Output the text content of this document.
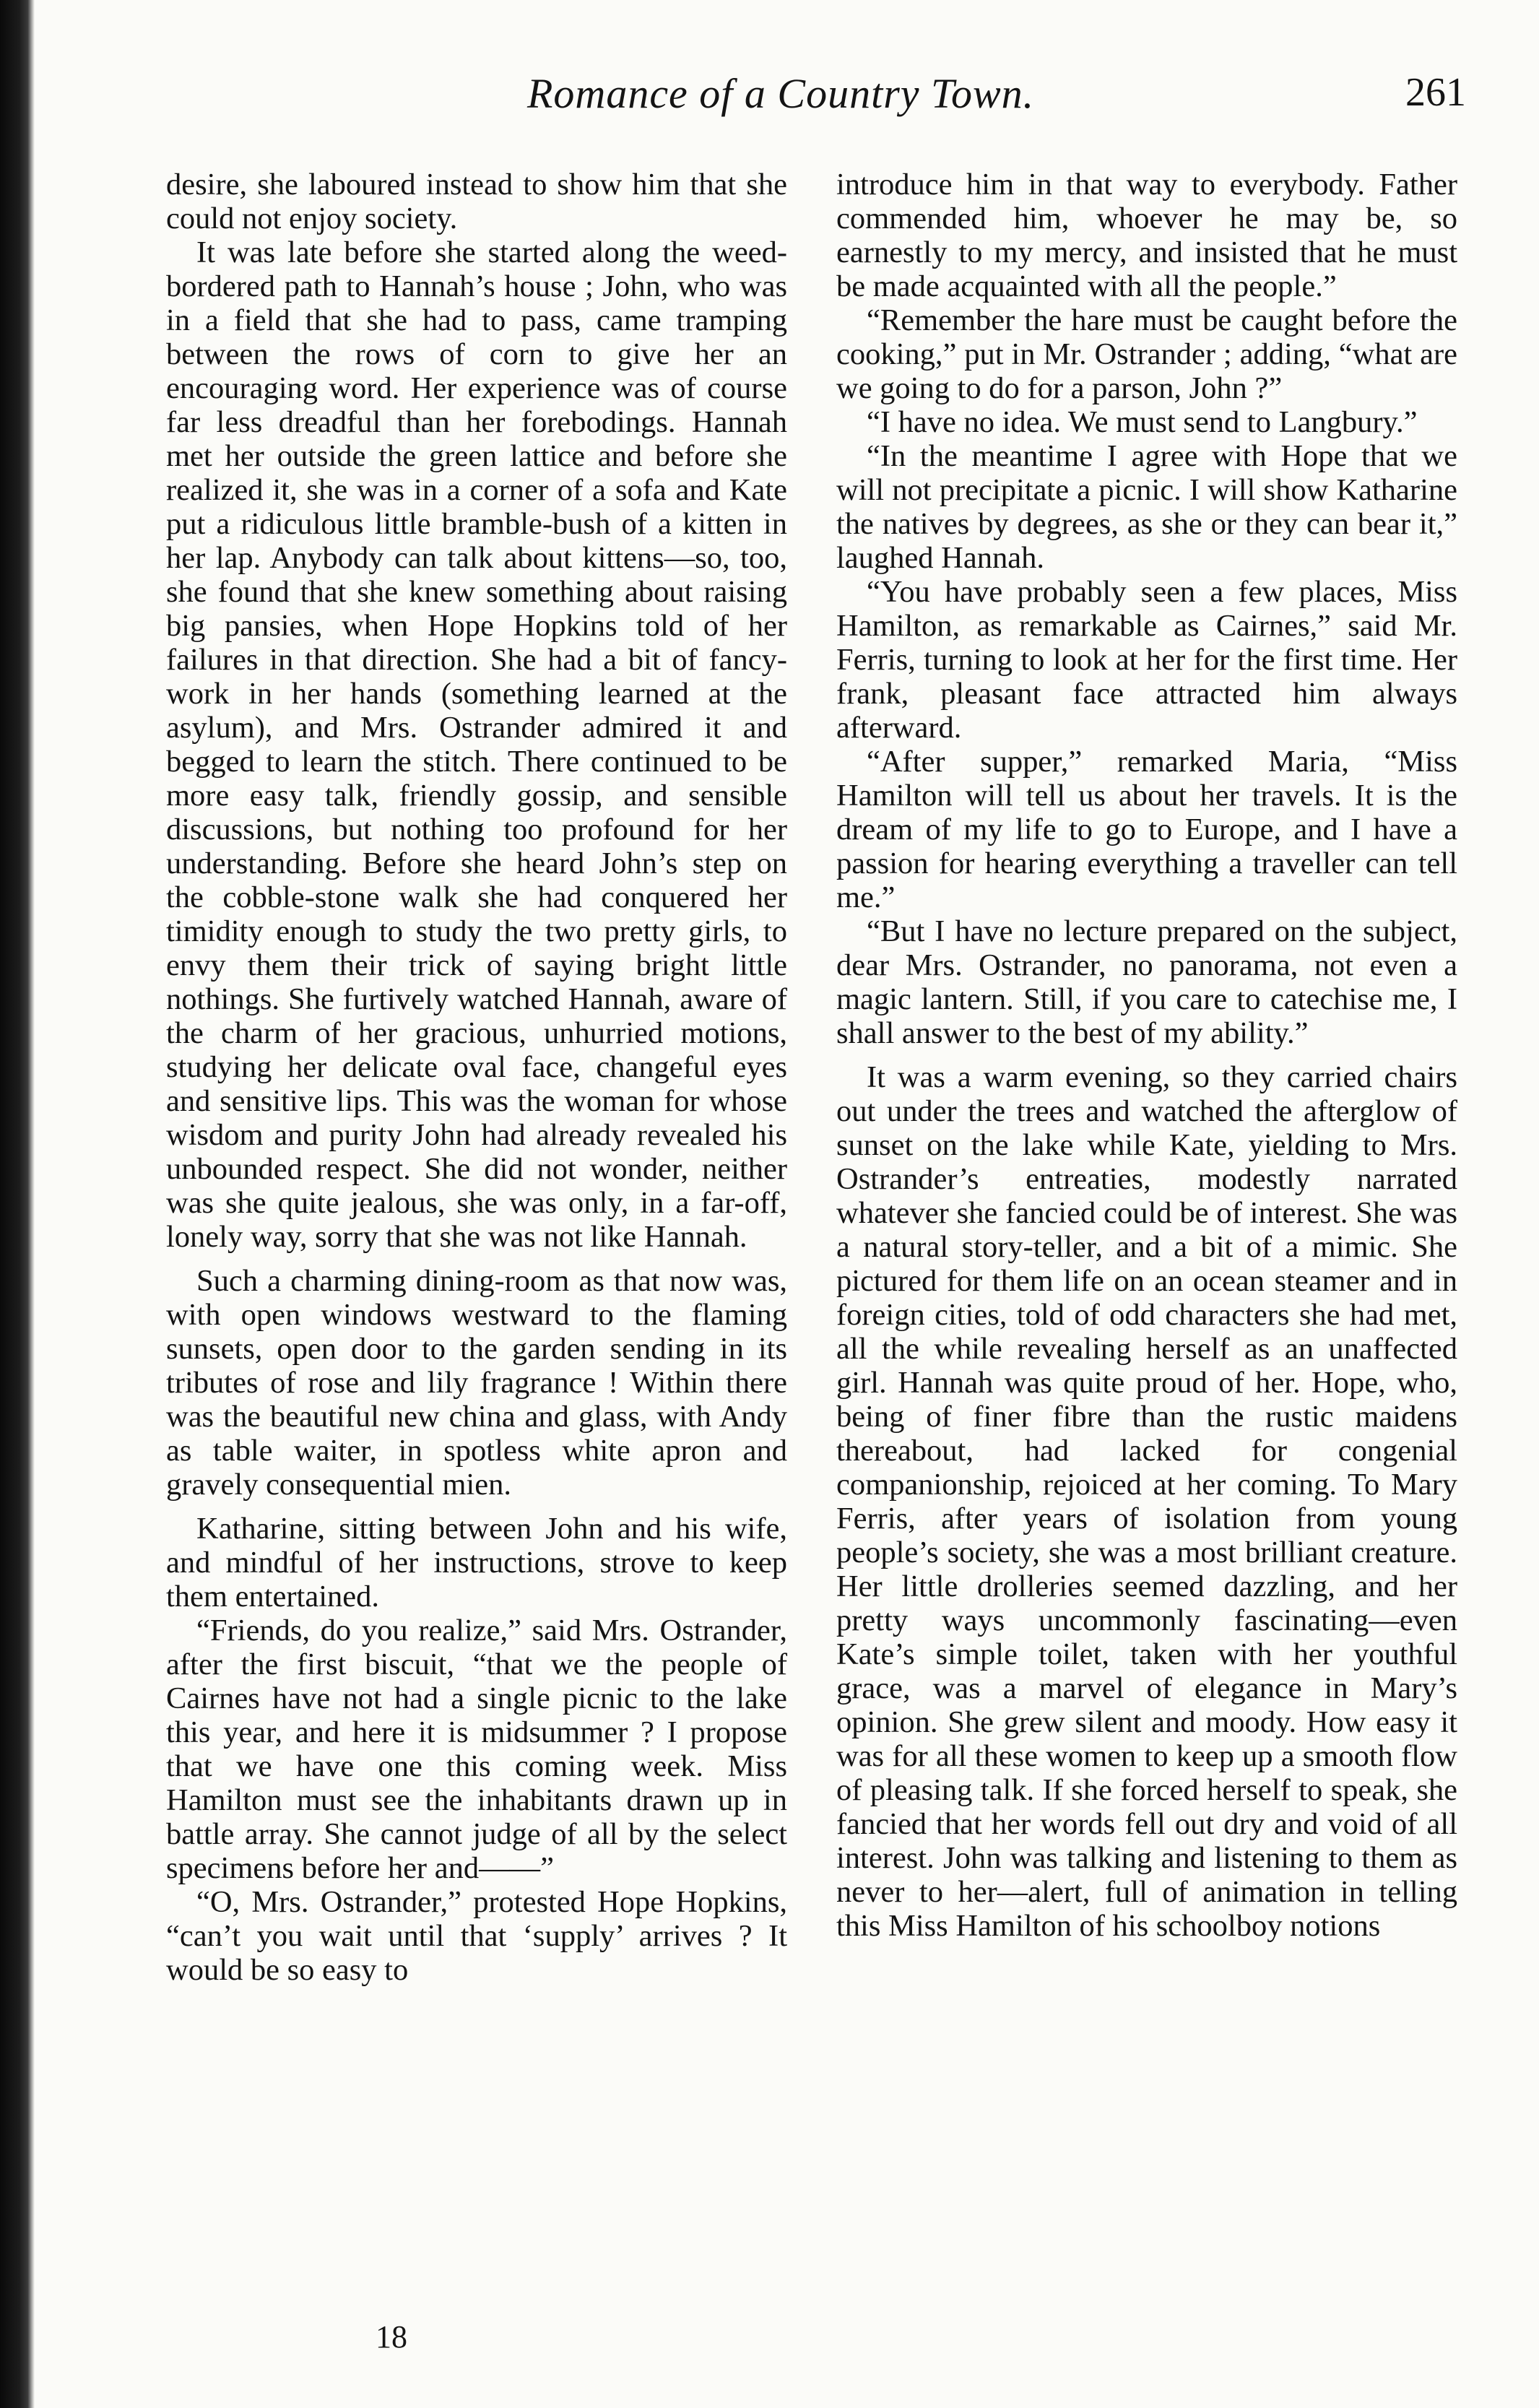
Romance of a Country Town.	261

desire, she laboured instead to show him that she could not enjoy society.

It was late before she started along the weed-bordered path to Hannah’s house ; John, who was in a field that she had to pass, came tramping between the rows of corn to give her an encouraging word. Her experience was of course far less dreadful than her forebodings. Hannah met her outside the green lattice and before she realized it, she was in a corner of a sofa and Kate put a ridiculous little bramble-bush of a kitten in her lap. Anybody can talk about kittens—so, too, she found that she knew something about raising big pansies, when Hope Hopkins told of her failures in that direction. She had a bit of fancy-work in her hands (something learned at the asylum), and Mrs. Ostrander admired it and begged to learn the stitch. There continued to be more easy talk, friendly gossip, and sensible discussions, but nothing too profound for her understanding. Before she heard John’s step on the cobble-stone walk she had conquered her timidity enough to study the two pretty girls, to envy them their trick of saying bright little nothings. She furtively watched Hannah, aware of the charm of her gracious, unhurried motions, studying her delicate oval face, changeful eyes and sensitive lips. This was the woman for whose wisdom and purity John had already revealed his unbounded respect. She did not wonder, neither was she quite jealous, she was only, in a far-off, lonely way, sorry that she was not like Hannah.

Such a charming dining-room as that now was, with open windows westward to the flaming sunsets, open door to the garden sending in its tributes of rose and lily fragrance ! Within there was the beautiful new china and glass, with Andy as table waiter, in spotless white apron and gravely consequential mien.

Katharine, sitting between John and his wife, and mindful of her instructions, strove to keep them entertained.

“Friends, do you realize,” said Mrs. Ostrander, after the first biscuit, “that we the people of Cairnes have not had a single picnic to the lake this year, and here it is midsummer ? I propose that we have one this coming week. Miss Hamilton must see the inhabitants drawn up in battle array. She cannot judge of all by the select specimens before her and——”

“O, Mrs. Ostrander,” protested Hope Hopkins, “can’t you wait until that ‘supply’ arrives ? It would be so easy to

introduce him in that way to everybody. Father commended him, whoever he may be, so earnestly to my mercy, and insisted that he must be made acquainted with all the people.”

“Remember the hare must be caught before the cooking,” put in Mr. Ostrander ; adding, “what are we going to do for a parson, John ?”

“I have no idea. We must send to Langbury.”

“In the meantime I agree with Hope that we will not precipitate a picnic. I will show Katharine the natives by degrees, as she or they can bear it,” laughed Hannah.

“You have probably seen a few places, Miss Hamilton, as remarkable as Cairnes,” said Mr. Ferris, turning to look at her for the first time. Her frank, pleasant face attracted him always afterward.

“After supper,” remarked Maria, “Miss Hamilton will tell us about her travels. It is the dream of my life to go to Europe, and I have a passion for hearing everything a traveller can tell me.”

“But I have no lecture prepared on the subject, dear Mrs. Ostrander, no panorama, not even a magic lantern. Still, if you care to catechise me, I shall answer to the best of my ability.”

It was a warm evening, so they carried chairs out under the trees and watched the afterglow of sunset on the lake while Kate, yielding to Mrs. Ostrander’s entreaties, modestly narrated whatever she fancied could be of interest. She was a natural story-teller, and a bit of a mimic. She pictured for them life on an ocean steamer and in foreign cities, told of odd characters she had met, all the while revealing herself as an unaffected girl. Hannah was quite proud of her. Hope, who, being of finer fibre than the rustic maidens thereabout, had lacked for congenial companionship, rejoiced at her coming. To Mary Ferris, after years of isolation from young people’s society, she was a most brilliant creature. Her little drolleries seemed dazzling, and her pretty ways uncommonly fascinating—even Kate’s simple toilet, taken with her youthful grace, was a marvel of elegance in Mary’s opinion. She grew silent and moody. How easy it was for all these women to keep up a smooth flow of pleasing talk. If she forced herself to speak, she fancied that her words fell out dry and void of all interest. John was talking and listening to them as never to her—alert, full of animation in telling this Miss Hamilton of his schoolboy notions

18
